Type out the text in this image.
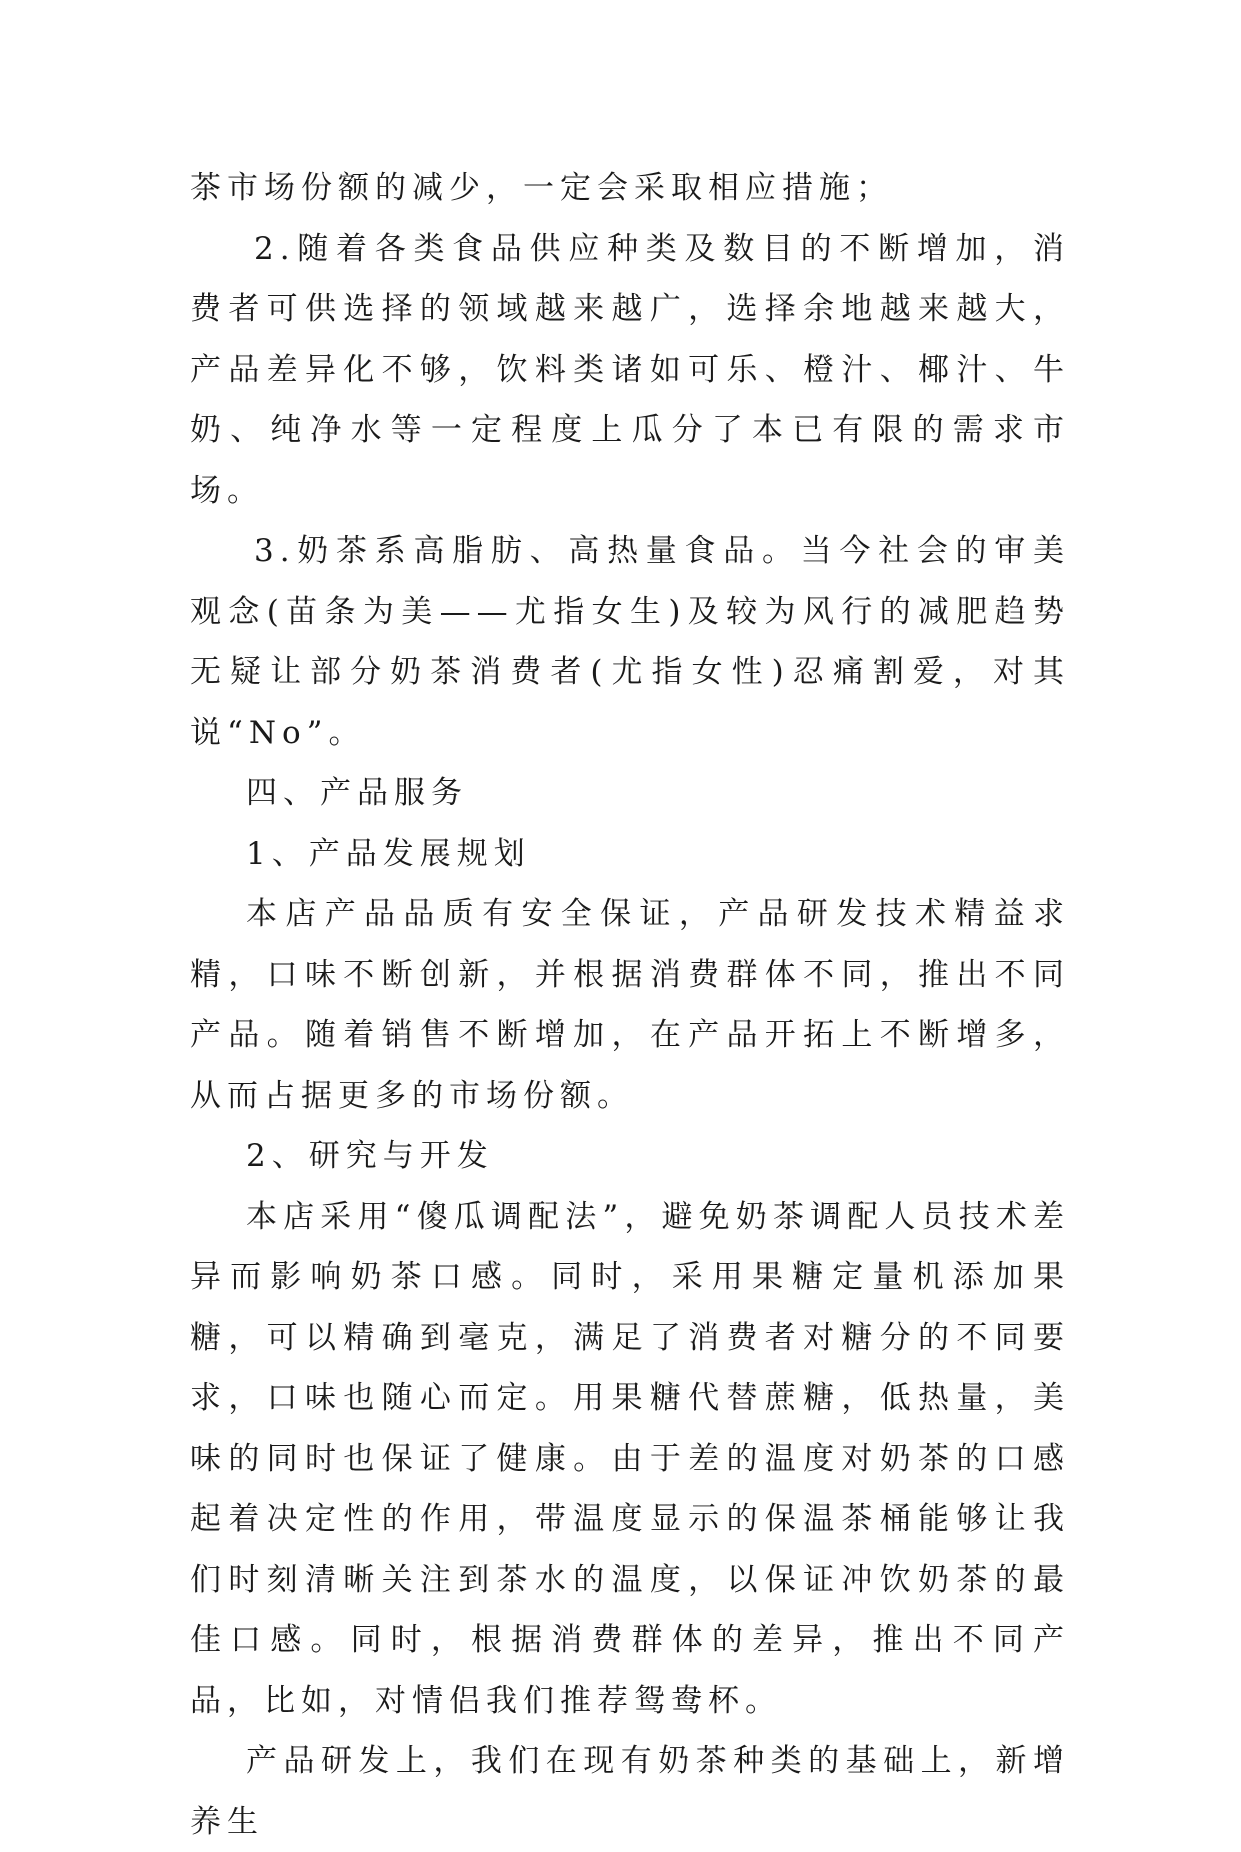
茶市场份额的减少，一定会采取相应措施；

2.随着各类食品供应种类及数目的不断增加，消费者可供选择的领域越来越广，选择余地越来越大，产品差异化不够，饮料类诸如可乐、橙汁、椰汁、牛奶、纯净水等一定程度上瓜分了本已有限的需求市场。

3.奶茶系高脂肪、高热量食品。当今社会的审美观念(苗条为美——尤指女生)及较为风行的减肥趋势无疑让部分奶茶消费者(尤指女性)忍痛割爱，对其说“No”。

四、产品服务

1、产品发展规划

本店产品品质有安全保证，产品研发技术精益求精，口味不断创新，并根据消费群体不同，推出不同产品。随着销售不断增加，在产品开拓上不断增多，从而占据更多的市场份额。

2、研究与开发

本店采用“傻瓜调配法”，避免奶茶调配人员技术差异而影响奶茶口感。同时，采用果糖定量机添加果糖，可以精确到毫克，满足了消费者对糖分的不同要求，口味也随心而定。用果糖代替蔗糖，低热量，美味的同时也保证了健康。由于差的温度对奶茶的口感起着决定性的作用，带温度显示的保温茶桶能够让我们时刻清晰关注到茶水的温度，以保证冲饮奶茶的最佳口感。同时，根据消费群体的差异，推出不同产品，比如，对情侣我们推荐鸳鸯杯。

产品研发上，我们在现有奶茶种类的基础上，新增养生
